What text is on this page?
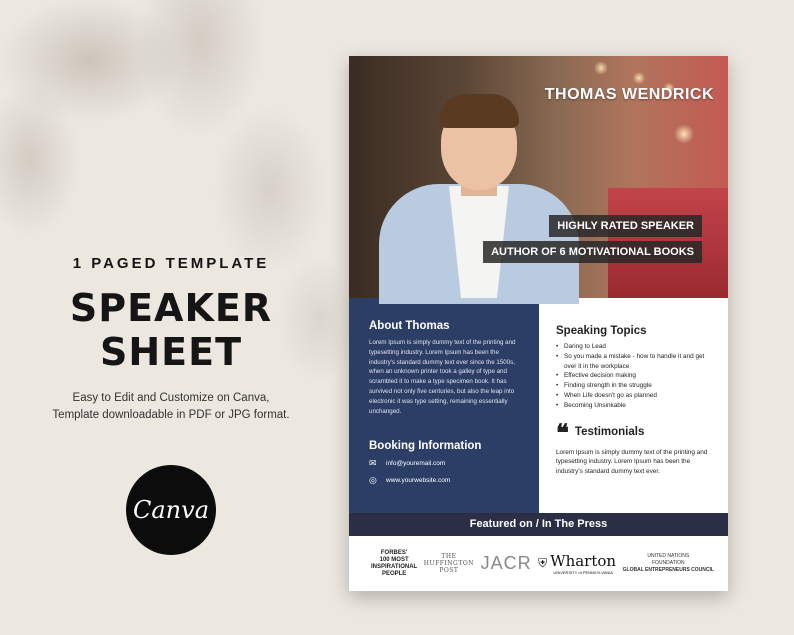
1 PAGED TEMPLATE
SPEAKER
SHEET
Easy to Edit and Customize on Canva,
Template downloadable in PDF or JPG format.
Canva
THOMAS WENDRICK
HIGHLY RATED SPEAKER
AUTHOR OF 6 MOTIVATIONAL BOOKS
About Thomas
Lorem Ipsum is simply dummy text of the printing and typesetting industry. Lorem Ipsum has been the industry's standard dummy text ever since the 1500s, when an unknown printer took a galley of type and scrambled it to make a type specimen book. It has survived not only five centuries, but also the leap into electronic it was type setting, remaining essentially unchanged.
Booking Information
✉	info@youremail.com
◎	www.yourwebsite.com
Speaking Topics
• Daring to Lead
• So you made a mistake - how to handle it and get over it in the workplace
• Effective decision making
• Finding strength in the struggle
• When Life doesn't go as planned
• Becoming Unsinkable
❝ Testimonials
Lorem Ipsum is simply dummy text of the printing and typesetting industry. Lorem Ipsum has been the industry's standard dummy text ever.
Featured on / In The Press
FORBES'
100 MOST
INSPIRATIONAL
PEOPLE
THE
HUFFINGTON
POST	JACR ⛨ Wharton
UNIVERSITY of PENNSYLVANIA
UNITED NATIONS
FOUNDATION
GLOBAL ENTREPRENEURS COUNCIL
